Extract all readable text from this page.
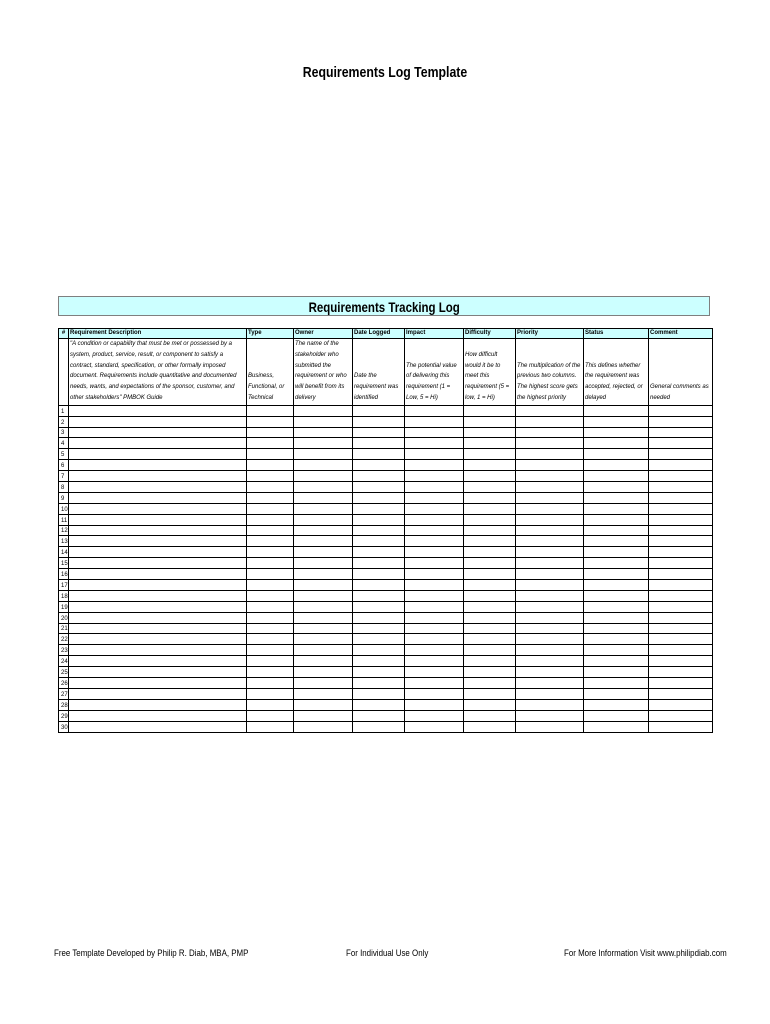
Requirements Log Template
Requirements Tracking Log
#	Requirement Description	Type	Owner	Date Logged	Impact	Difficulty	Priority	Status	Comment

	"A condition or capability that must be met or possessed by a system, product, service, result, or component to satisfy a contract, standard, specification, or other formally imposed document. Requirements include quantitative and documented needs, wants, and expectations of the sponsor, customer, and other stakeholders" PMBOK Guide	Business, Functional, or Technical	The name of the stakeholder who submitted the requirement or who will benefit from its delivery	Date the requirement was identified	The potential value of delivering this requirement (1 = Low, 5 = Hi)	How difficult would it be to meet this requirement (5 = low, 1 = Hi)	The multiplication of the previous two columns. The highest score gets the highest priority	This defines whether the requirement was accepted, rejected, or delayed	General comments as needed

1									
2									
3									
4									
5									
6									
7									
8									
9									
10									
11									
12									
13									
14									
15									
16									
17									
18									
19									
20									
21									
22									
23									
24									
25									
26									
27									
28									
29									
30									
Free Template Developed by Philip R. Diab, MBA, PMP	For Individual Use Only	For More Information Visit www.philipdiab.com
